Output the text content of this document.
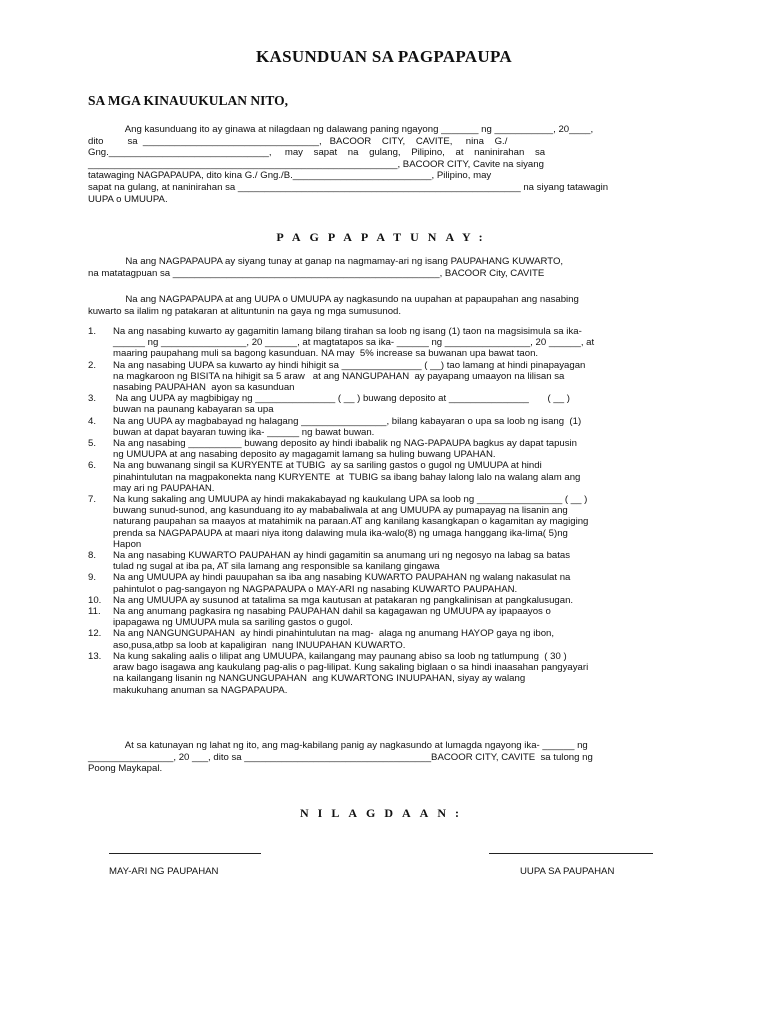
KASUNDUAN SA PAGPAPAUPA
SA MGA KINAUUKULAN NITO,
Ang kasunduang ito ay ginawa at nilagdaan ng dalawang paning ngayong _______ ng ___________, 20____,
dito         sa  _________________________________,   BACOOR    CITY,    CAVITE,     nina    G./
Gng.______________________________,     may    sapat    na    gulang,    Pilipino,    at    naninirahan    sa
__________________________________________________________, BACOOR CITY, Cavite na siyang
tatawaging NAGPAPAUPA, dito kina G./ Gng./B.__________________________, Pilipino, may
sapat na gulang, at naninirahan sa _____________________________________________________ na siyang tatawagin
UUPA o UMUUPA.
PAGPAPATUNAY:
Na ang NAGPAPAUPA ay siyang tunay at ganap na nagmamay-ari ng isang PAUPAHANG KUWARTO,
na matatagpuan sa __________________________________________________, BACOOR City, CAVITE
Na ang NAGPAPAUPA at ang UUPA o UMUUPA ay nagkasundo na uupahan at papaupahan ang nasabing
kuwarto sa ilalim ng patakaran at alituntunin na gaya ng mga sumusunod.
1. Na ang nasabing kuwarto ay gagamitin lamang bilang tirahan sa loob ng isang (1) taon na magsisimula sa ika-
______ ng ________________, 20 ______, at magtatapos sa ika- ______ ng ________________, 20 ______, at
maaring paupahang muli sa bagong kasunduan. NA may  5% increase sa buwanan upa bawat taon.
2. Na ang nasabing UUPA sa kuwarto ay hindi hihigit sa _______________ ( __) tao lamang at hindi pinapayagan
na magkaroon ng BISITA na hihigit sa 5 araw   at ang NANGUPAHAN  ay payapang umaayon na lilisan sa
nasabing PAUPAHAN  ayon sa kasunduan
3. Na ang UUPA ay magbibigay ng _______________ ( __ ) buwang deposito at _______________       ( __ )
buwan na paunang kabayaran sa upa
4. Na ang UUPA ay magbabayad ng halagang ________________, bilang kabayaran o upa sa loob ng isang  (1)
buwan at dapat bayaran tuwing ika- ______ ng bawat buwan.
5. Na ang nasabing __________ buwang deposito ay hindi ibabalik ng NAG-PAPAUPA bagkus ay dapat tapusin
ng UMUUPA at ang nasabing deposito ay magagamit lamang sa huling buwang UPAHAN.
6. Na ang buwanang singil sa KURYENTE at TUBIG  ay sa sariling gastos o gugol ng UMUUPA at hindi
pinahintulutan na magpakonekta nang KURYENTE  at  TUBIG sa ibang bahay lalong lalo na walang alam ang
may ari ng PAUPAHAN.
7. Na kung sakaling ang UMUUPA ay hindi makakabayad ng kaukulang UPA sa loob ng ________________ ( __ )
buwang sunud-sunod, ang kasunduang ito ay mababaliwala at ang UMUUPA ay pumapayag na lisanin ang
naturang paupahan sa maayos at matahimik na paraan.AT ang kanilang kasangkapan o kagamitan ay magiging
prenda sa NAGPAPAUPA at maari niya itong dalawing mula ika-walo(8) ng umaga hanggang ika-lima( 5)ng
Hapon
8. Na ang nasabing KUWARTO PAUPAHAN ay hindi gagamitin sa anumang uri ng negosyo na labag sa batas
tulad ng sugal at iba pa, AT sila lamang ang responsible sa kanilang gingawa
9. Na ang UMUUPA ay hindi pauupahan sa iba ang nasabing KUWARTO PAUPAHAN ng walang nakasulat na
pahintulot o pag-sangayon ng NAGPAPAUPA o MAY-ARI ng nasabing KUWARTO PAUPAHAN.
10. Na ang UMUUPA ay susunod at tatalima sa mga kautusan at patakaran ng pangkalinisan at pangkalusugan.
11. Na ang anumang pagkasira ng nasabing PAUPAHAN dahil sa kagagawan ng UMUUPA ay ipapaayos o
ipapagawa ng UMUUPA mula sa sariling gastos o gugol.
12. Na ang NANGUNGUPAHAN  ay hindi pinahintulutan na mag-  alaga ng anumang HAYOP gaya ng ibon,
aso,pusa,atbp sa loob at kapaligiran  nang INUUPAHAN KUWARTO.
13. Na kung sakaling aalis o lilipat ang UMUUPA, kailangang may paunang abiso sa loob ng tatlumpung  ( 30 )
araw bago isagawa ang kaukulang pag-alis o pag-lilipat. Kung sakaling biglaan o sa hindi inaasahan pangyayari
na kailangang lisanin ng NANGUNGUPAHAN  ang KUWARTONG INUUPAHAN, siyay ay walang
makukuhang anuman sa NAGPAPAUPA.
At sa katunayan ng lahat ng ito, ang mag-kabilang panig ay nagkasundo at lumagda ngayong ika- ______ ng
________________, 20 ___, dito sa ___________________________________BACOOR CITY, CAVITE  sa tulong ng
Poong Maykapal.
NILAGDAAN:
MAY-ARI NG PAUPAHAN	UUPA SA PAUPAHAN
